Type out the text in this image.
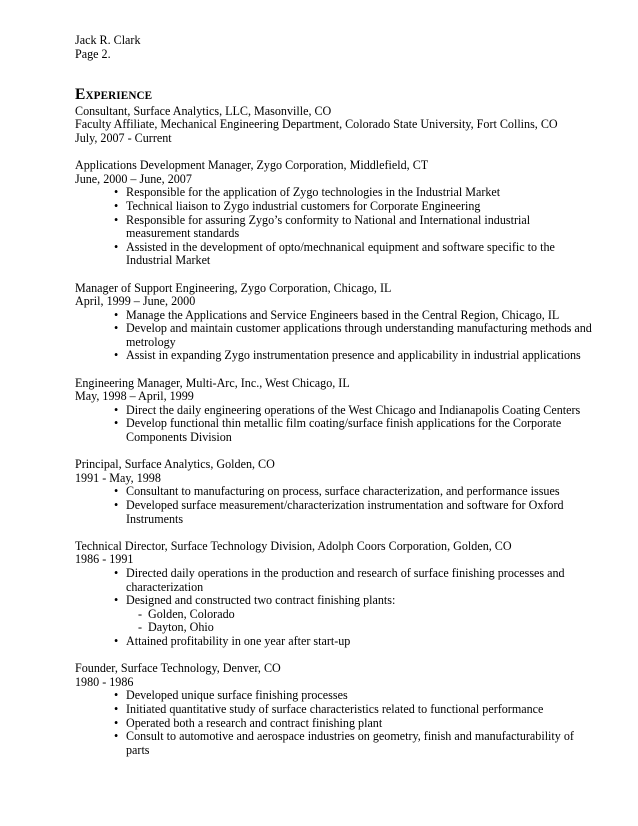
Jack R. Clark
Page 2.
EXPERIENCE
Consultant, Surface Analytics, LLC, Masonville, CO
Faculty Affiliate, Mechanical Engineering Department, Colorado State University, Fort Collins, CO
July, 2007 - Current
Applications Development Manager, Zygo Corporation, Middlefield, CT
June, 2000 – June, 2007
• Responsible for the application of Zygo technologies in the Industrial Market
• Technical liaison to Zygo industrial customers for Corporate Engineering
• Responsible for assuring Zygo’s conformity to National and International industrial measurement standards
• Assisted in the development of opto/mechnanical equipment and software specific to the Industrial Market
Manager of Support Engineering, Zygo Corporation, Chicago, IL
April, 1999 – June, 2000
• Manage the Applications and Service Engineers based in the Central Region, Chicago, IL
• Develop and maintain customer applications through understanding manufacturing methods and metrology
• Assist in expanding Zygo instrumentation presence and applicability in industrial applications
Engineering Manager, Multi-Arc, Inc., West Chicago, IL
May, 1998 – April, 1999
• Direct the daily engineering operations of the West Chicago and Indianapolis Coating Centers
• Develop functional thin metallic film coating/surface finish applications for the Corporate Components Division
Principal, Surface Analytics, Golden, CO
1991 - May, 1998
• Consultant to manufacturing on process, surface characterization, and performance issues
• Developed surface measurement/characterization instrumentation and software for Oxford Instruments
Technical Director, Surface Technology Division, Adolph Coors Corporation, Golden, CO
1986 - 1991
• Directed daily operations in the production and research of surface finishing processes and characterization
• Designed and constructed two contract finishing plants:
- Golden, Colorado
- Dayton, Ohio
• Attained profitability in one year after start-up
Founder, Surface Technology, Denver, CO
1980 - 1986
• Developed unique surface finishing processes
• Initiated quantitative study of surface characteristics related to functional performance
• Operated both a research and contract finishing plant
• Consult to automotive and aerospace industries on geometry, finish and manufacturability of parts
